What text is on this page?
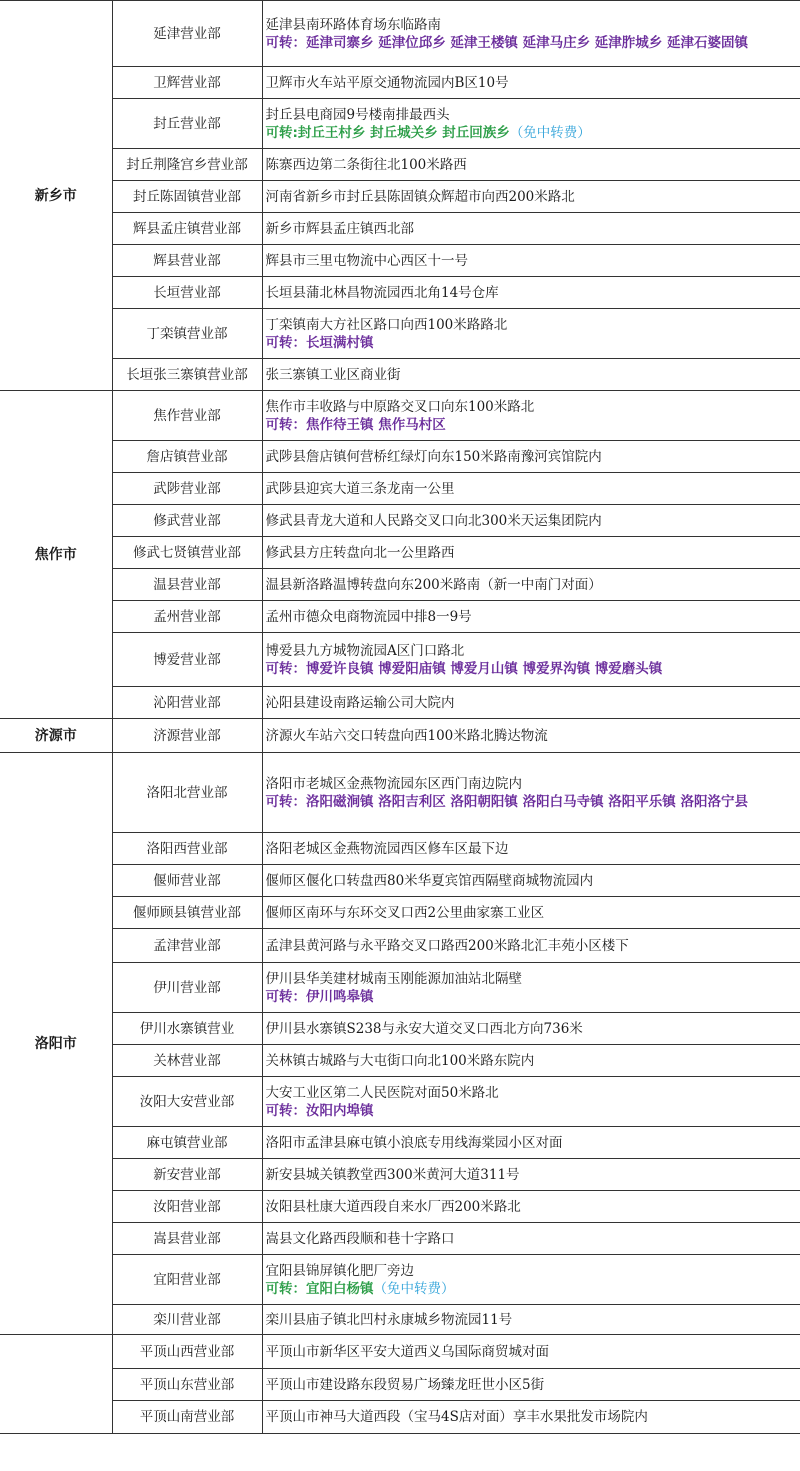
新乡市	延津营业部	延津县南环路体育场东临路南
可转：延津司寨乡 延津位邱乡 延津王楼镇 延津马庄乡 延津胙城乡 延津石婆固镇

	卫辉营业部	卫辉市火车站平原交通物流园内B区10号

	封丘营业部	封丘县电商园9号楼南排最西头
可转:封丘王村乡 封丘城关乡 封丘回族乡（免中转费）

	封丘荆隆宫乡营业部	陈寨西边第二条街往北100米路西

	封丘陈固镇营业部	河南省新乡市封丘县陈固镇众辉超市向西200米路北

	辉县孟庄镇营业部	新乡市辉县孟庄镇西北部

	辉县营业部	辉县市三里屯物流中心西区十一号

	长垣营业部	长垣县蒲北林昌物流园西北角14号仓库

	丁栾镇营业部	丁栾镇南大方社区路口向西100米路路北
可转：长垣满村镇

	长垣张三寨镇营业部	张三寨镇工业区商业街

焦作市	焦作营业部	焦作市丰收路与中原路交叉口向东100米路北
可转：焦作待王镇 焦作马村区

	詹店镇营业部	武陟县詹店镇何营桥红绿灯向东150米路南豫河宾馆院内

	武陟营业部	武陟县迎宾大道三条龙南一公里

	修武营业部	修武县青龙大道和人民路交叉口向北300米天运集团院内

	修武七贤镇营业部	修武县方庄转盘向北一公里路西

	温县营业部	温县新洛路温博转盘向东200米路南（新一中南门对面）

	孟州营业部	孟州市德众电商物流园中排8一9号

	博爱营业部	博爱县九方城物流园A区门口路北
可转：博爱许良镇 博爱阳庙镇 博爱月山镇 博爱界沟镇 博爱磨头镇

	沁阳营业部	沁阳县建设南路运输公司大院内

济源市	济源营业部	济源火车站六交口转盘向西100米路北腾达物流

洛阳市	洛阳北营业部	洛阳市老城区金燕物流园东区西门南边院内
可转：洛阳磁涧镇 洛阳吉利区 洛阳朝阳镇 洛阳白马寺镇 洛阳平乐镇 洛阳洛宁县

	洛阳西营业部	洛阳老城区金燕物流园西区修车区最下边

	偃师营业部	偃师区偃化口转盘西80米华夏宾馆西隔壁商城物流园内

	偃师顾县镇营业部	偃师区南环与东环交叉口西2公里曲家寨工业区

	孟津营业部	孟津县黄河路与永平路交叉口路西200米路北汇丰苑小区楼下

	伊川营业部	伊川县华美建材城南玉刚能源加油站北隔壁
可转：伊川鸣皋镇

	伊川水寨镇营业	伊川县水寨镇S238与永安大道交叉口西北方向736米

	关林营业部	关林镇古城路与大屯街口向北100米路东院内

	汝阳大安营业部	大安工业区第二人民医院对面50米路北
可转：汝阳内埠镇

	麻屯镇营业部	洛阳市孟津县麻屯镇小浪底专用线海棠园小区对面

	新安营业部	新安县城关镇教堂西300米黄河大道311号

	汝阳营业部	汝阳县杜康大道西段自来水厂西200米路北

	嵩县营业部	嵩县文化路西段顺和巷十字路口

	宜阳营业部	宜阳县锦屏镇化肥厂旁边
可转：宜阳白杨镇（免中转费）

	栾川营业部	栾川县庙子镇北凹村永康城乡物流园11号

	平顶山西营业部	平顶山市新华区平安大道西义乌国际商贸城对面

	平顶山东营业部	平顶山市建设路东段贸易广场臻龙旺世小区5街

	平顶山南营业部	平顶山市神马大道西段（宝马4S店对面）享丰水果批发市场院内
